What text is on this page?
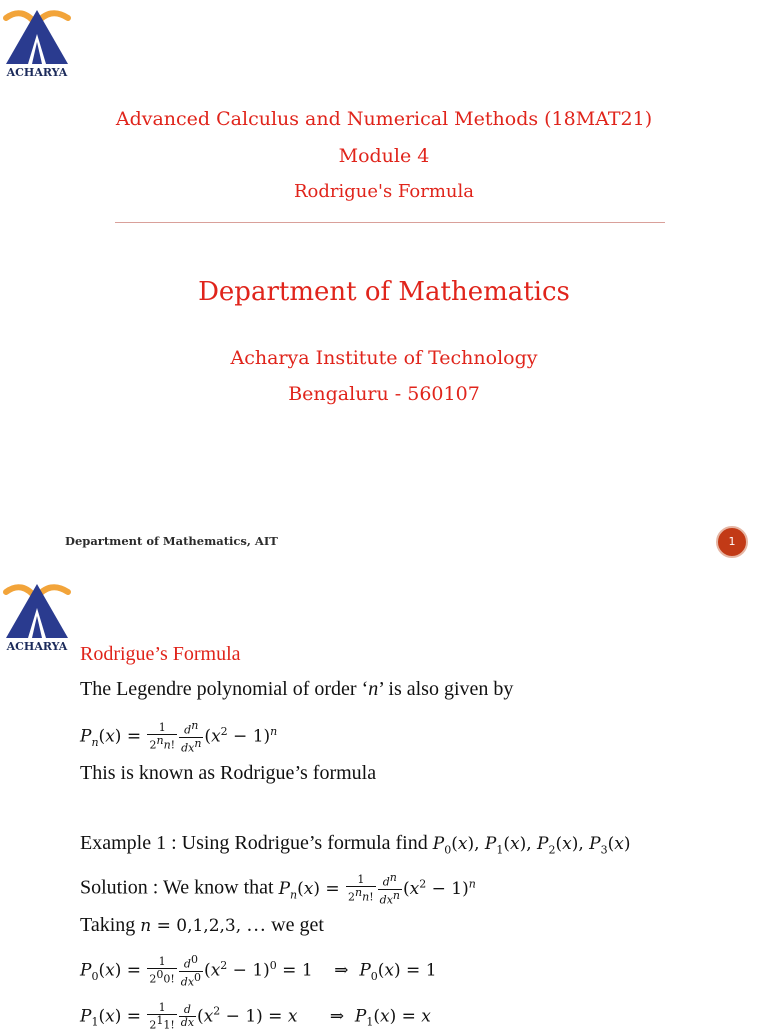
ACHARYA
Advanced Calculus and Numerical Methods (18MAT21)
Module 4
Rodrigue's Formula
Department of Mathematics
Acharya Institute of Technology
Bengaluru - 560107
Department of Mathematics, AIT	1
ACHARYA Rodrigue’s Formula
The Legendre polynomial of order ‘n’ is also given by
$P_n(x) = \frac{1}{2^nn!} \frac{d^n}{dx^n} (x^2 - 1)^n$
This is known as Rodrigue’s formula
Example 1 : Using Rodrigue’s formula find $P_0(x)$, $P_1(x)$, $P_2(x)$, $P_3(x)$
Solution : We know that $P_n(x) = \frac{1}{2^nn!} \frac{d^n}{dx^n} (x^2 - 1)^n$
Taking n = 0,1,2,3, … we get
$P_0(x) = \frac{1}{2^00!} \frac{d^0}{dx^0} (x^2 - 1)^0 = 1$    ⇒  $P_0(x) = 1$
$P_1(x) = \frac{1}{2^11!} \frac{d}{dx} (x^2 - 1) = x$      ⇒  $P_1(x) = x$
